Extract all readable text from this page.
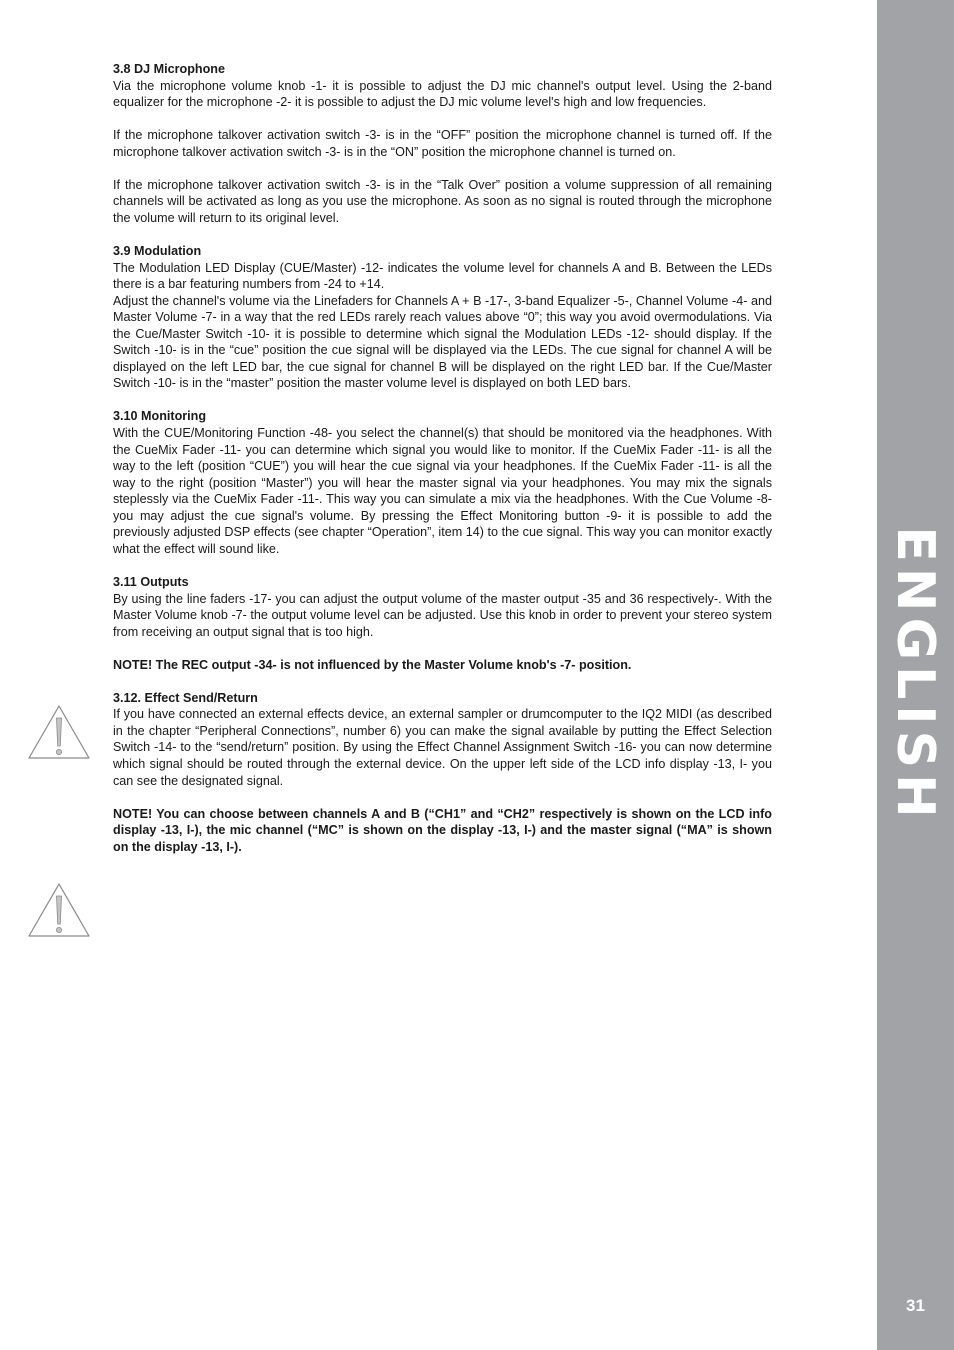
3.8 DJ Microphone

Via the microphone volume knob -1- it is possible to adjust the DJ mic channel's output level. Using the 2-band equalizer for the microphone -2- it is possible to adjust the DJ mic volume level's high and low frequencies.

If the microphone talkover activation switch -3- is in the “OFF” position the microphone channel is turned off. If the microphone talkover activation switch -3- is in the “ON” position the microphone channel is turned on.

If the microphone talkover activation switch -3- is in the “Talk Over” position a volume suppression of all remaining channels will be activated as long as you use the microphone. As soon as no signal is routed through the microphone the volume will return to its original level.

3.9 Modulation

The Modulation LED Display (CUE/Master) -12- indicates the volume level for channels A and B. Between the LEDs there is a bar featuring numbers from -24 to +14.

Adjust the channel's volume via the Linefaders for Channels A + B -17-, 3-band Equalizer -5-, Channel Volume -4- and Master Volume -7- in a way that the red LEDs rarely reach values above “0”; this way you avoid overmodulations. Via the Cue/Master Switch -10- it is possible to determine which signal the Modulation LEDs -12- should display. If the Switch -10- is in the “cue” position the cue signal will be displayed via the LEDs. The cue signal for channel A will be displayed on the left LED bar, the cue signal for channel B will be displayed on the right LED bar. If the Cue/Master Switch -10- is in the “master” position the master volume level is displayed on both LED bars.

3.10 Monitoring

With the CUE/Monitoring Function -48- you select the channel(s) that should be monitored via the headphones. With the CueMix Fader -11- you can determine which signal you would like to monitor. If the CueMix Fader -11- is all the way to the left (position “CUE”) you will hear the cue signal via your headphones. If the CueMix Fader -11- is all the way to the right (position “Master”) you will hear the master signal via your headphones. You may mix the signals steplessly via the CueMix Fader -11-. This way you can simulate a mix via the headphones. With the Cue Volume -8- you may adjust the cue signal's volume. By pressing the Effect Monitoring button -9- it is possible to add the previously adjusted DSP effects (see chapter “Operation”, item 14) to the cue signal. This way you can monitor exactly what the effect will sound like.

3.11 Outputs

By using the line faders -17- you can adjust the output volume of the master output -35 and 36 respectively-. With the Master Volume knob -7- the output volume level can be adjusted. Use this knob in order to prevent your stereo system from receiving an output signal that is too high.

NOTE! The REC output -34- is not influenced by the Master Volume knob's -7- position.

3.12. Effect Send/Return

If you have connected an external effects device, an external sampler or drumcomputer to the IQ2 MIDI (as described in the chapter “Peripheral Connections”, number 6) you can make the signal available by putting the Effect Selection Switch -14- to the “send/return” position. By using the Effect Channel Assignment Switch -16- you can now determine which signal should be routed through the external device. On the upper left side of the LCD info display -13, I- you can see the designated signal.

NOTE! You can choose between channels A and B (“CH1” and “CH2” respectively is shown on the LCD info display -13, I-), the mic channel (“MC” is shown on the display -13, I-) and the master signal (“MA” is shown on the display -13, I-).

ENGLISH
31
